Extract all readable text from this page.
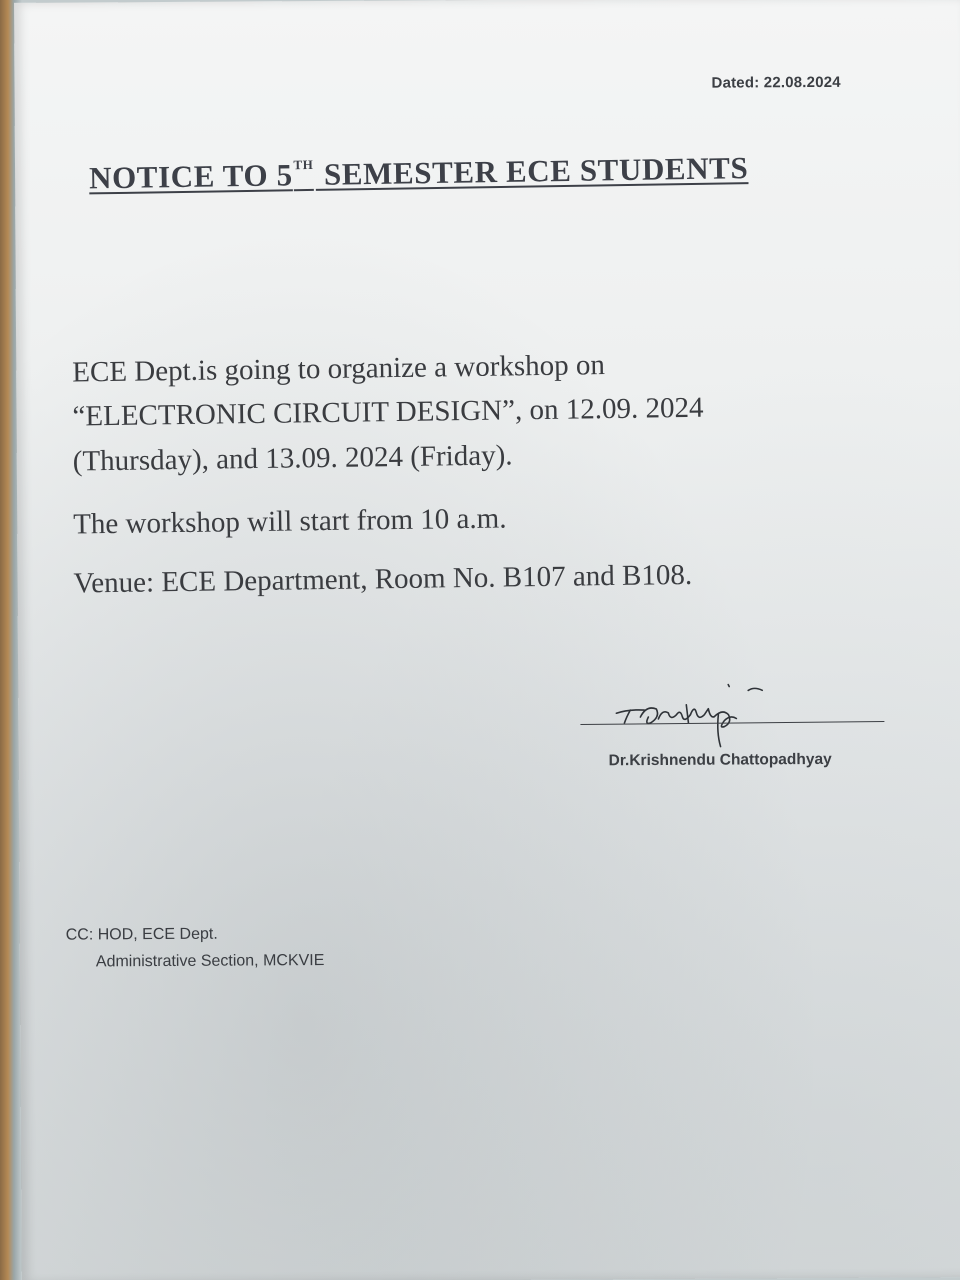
Dated: 22.08.2024
NOTICE TO 5TH SEMESTER ECE STUDENTS
ECE Dept.is going to organize a workshop on
“ELECTRONIC CIRCUIT DESIGN”, on 12.09. 2024
(Thursday), and 13.09. 2024 (Friday).
The workshop will start from 10 a.m.
Venue: ECE Department, Room No. B107 and B108.
Dr.Krishnendu Chattopadhyay
CC: HOD, ECE Dept.
Administrative Section, MCKVIE
